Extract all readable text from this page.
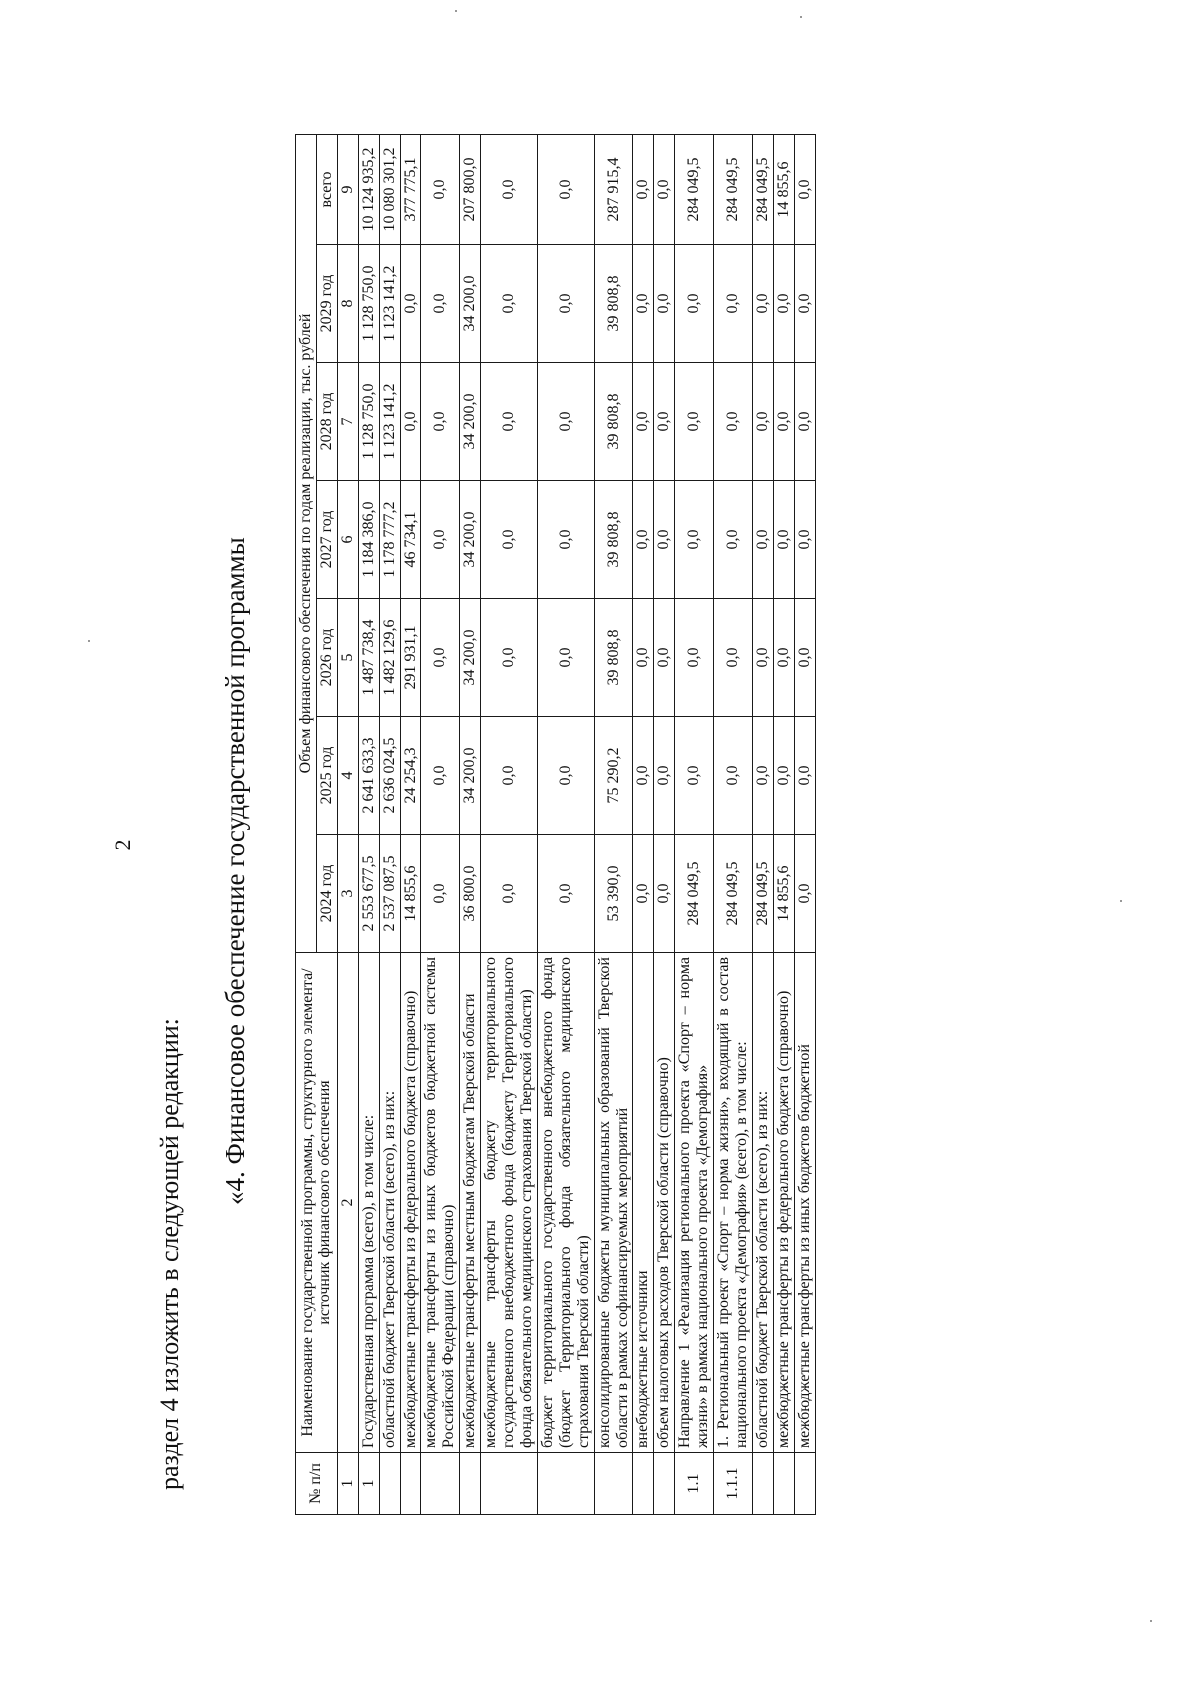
2
раздел 4 изложить в следующей редакции:
«4. Финансовое обеспечение государственной программы
№ п/п	Наименование государственной программы, структурного элемента/источник финансового обеспечения	Объем финансового обеспечения по годам реализации, тыс. рублей						
		2024 год	2025 год	2026 год	2027 год	2028 год	2029 год	всего
1	2	3	4	5	6	7	8	9
1	Государственная программа (всего), в том числе:	2 553 677,5	2 641 633,3	1 487 738,4	1 184 386,0	1 128 750,0	1 128 750,0	10 124 935,2
	областной бюджет Тверской области (всего), из них:	2 537 087,5	2 636 024,5	1 482 129,6	1 178 777,2	1 123 141,2	1 123 141,2	10 080 301,2
	межбюджетные трансферты из федерального бюджета (справочно)	14 855,6	24 254,3	291 931,1	46 734,1	0,0	0,0	377 775,1
	межбюджетные трансферты из иных бюджетов бюджетной системы Российской Федерации (справочно)	0,0	0,0	0,0	0,0	0,0	0,0	0,0
	межбюджетные трансферты местным бюджетам Тверской области	36 800,0	34 200,0	34 200,0	34 200,0	34 200,0	34 200,0	207 800,0
	межбюджетные трансферты бюджету территориального государственного внебюджетного фонда (бюджету Территориального фонда обязательного медицинского страхования Тверской области)	0,0	0,0	0,0	0,0	0,0	0,0	0,0
	бюджет территориального государственного внебюджетного фонда (бюджет Территориального фонда обязательного медицинского страхования Тверской области)	0,0	0,0	0,0	0,0	0,0	0,0	0,0
	консолидированные бюджеты муниципальных образований Тверской области в рамках софинансируемых мероприятий	53 390,0	75 290,2	39 808,8	39 808,8	39 808,8	39 808,8	287 915,4
	внебюджетные источники	0,0	0,0	0,0	0,0	0,0	0,0	0,0
	объем налоговых расходов Тверской области (справочно)	0,0	0,0	0,0	0,0	0,0	0,0	0,0
1.1	Направление 1 «Реализация регионального проекта «Спорт – норма жизни» в рамках национального проекта «Демография»	284 049,5	0,0	0,0	0,0	0,0	0,0	284 049,5
1.1.1	1. Региональный проект «Спорт – норма жизни», входящий в состав национального проекта «Демография» (всего), в том числе:	284 049,5	0,0	0,0	0,0	0,0	0,0	284 049,5
	областной бюджет Тверской области (всего), из них:	284 049,5	0,0	0,0	0,0	0,0	0,0	284 049,5
	межбюджетные трансферты из федерального бюджета (справочно)	14 855,6	0,0	0,0	0,0	0,0	0,0	14 855,6
	межбюджетные трансферты из иных бюджетов бюджетной	0,0	0,0	0,0	0,0	0,0	0,0	0,0
